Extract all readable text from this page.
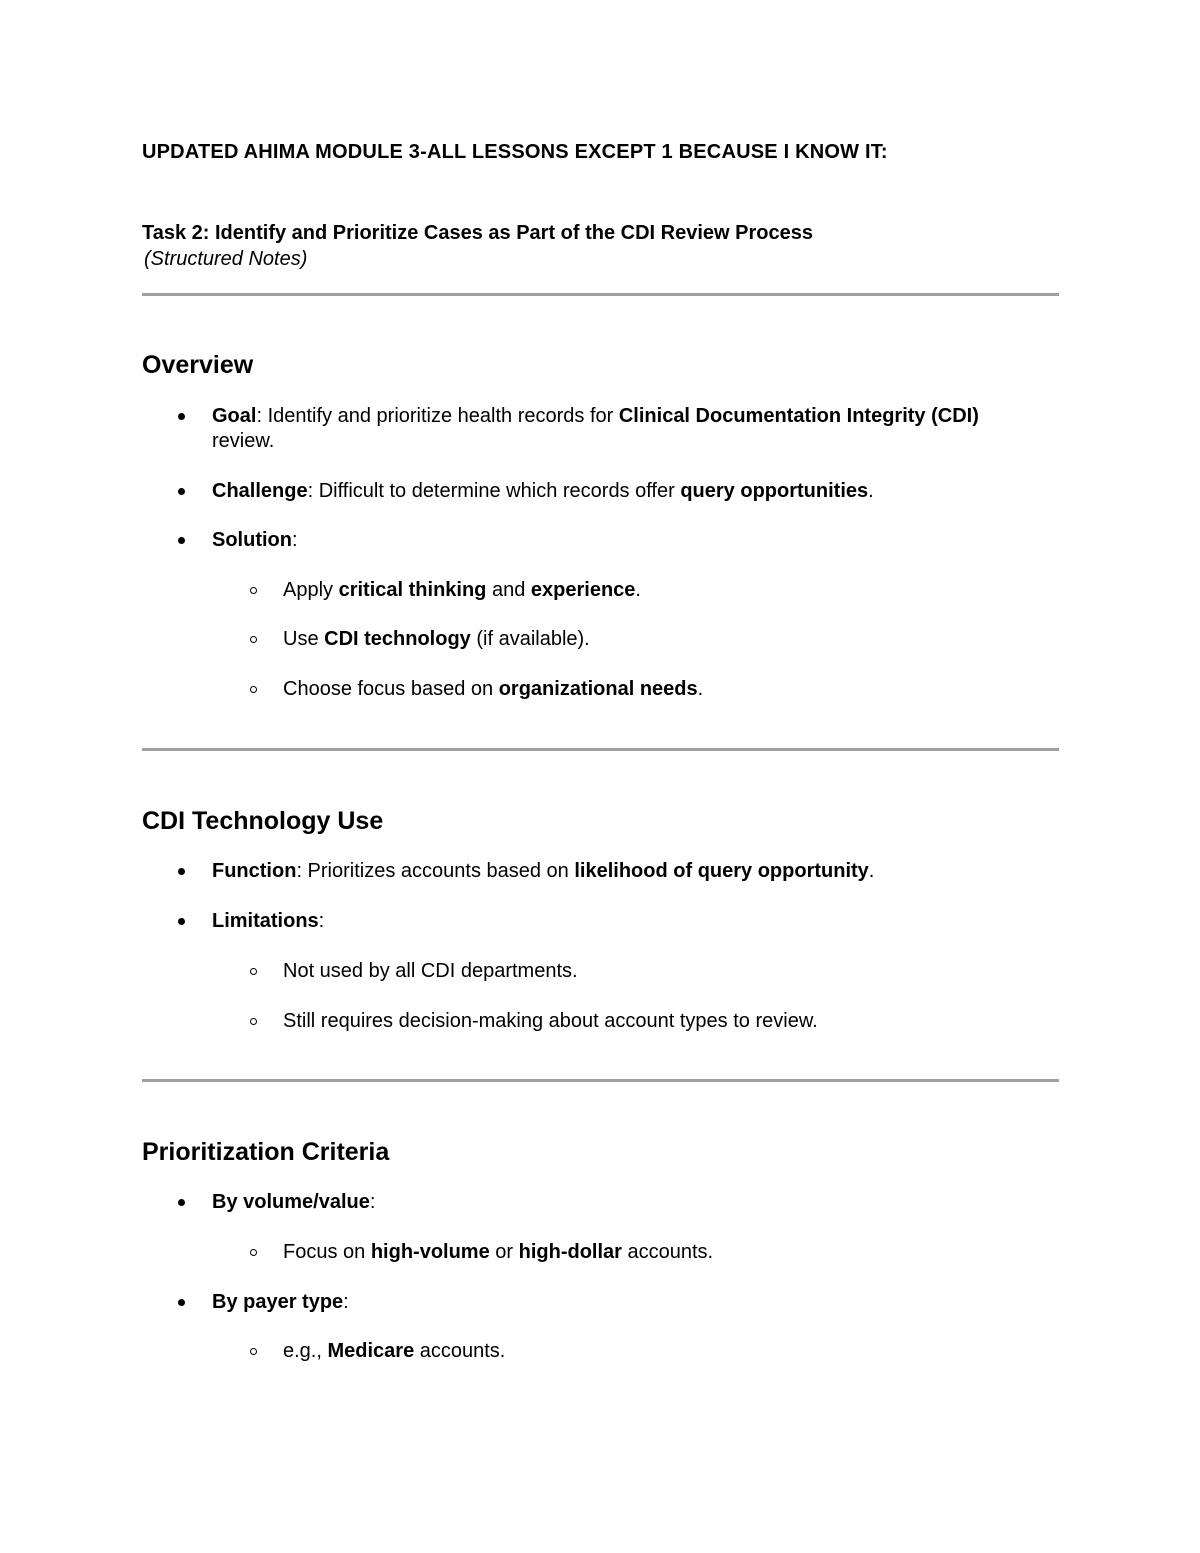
UPDATED AHIMA MODULE 3-ALL LESSONS EXCEPT 1 BECAUSE I KNOW IT:
Task 2: Identify and Prioritize Cases as Part of the CDI Review Process
(Structured Notes)
Overview
Goal: Identify and prioritize health records for Clinical Documentation Integrity (CDI)
review.
Challenge: Difficult to determine which records offer query opportunities.
Solution:
Apply critical thinking and experience.
Use CDI technology (if available).
Choose focus based on organizational needs.
CDI Technology Use
Function: Prioritizes accounts based on likelihood of query opportunity.
Limitations:
Not used by all CDI departments.
Still requires decision-making about account types to review.
Prioritization Criteria
By volume/value:
Focus on high-volume or high-dollar accounts.
By payer type:
e.g., Medicare accounts.
